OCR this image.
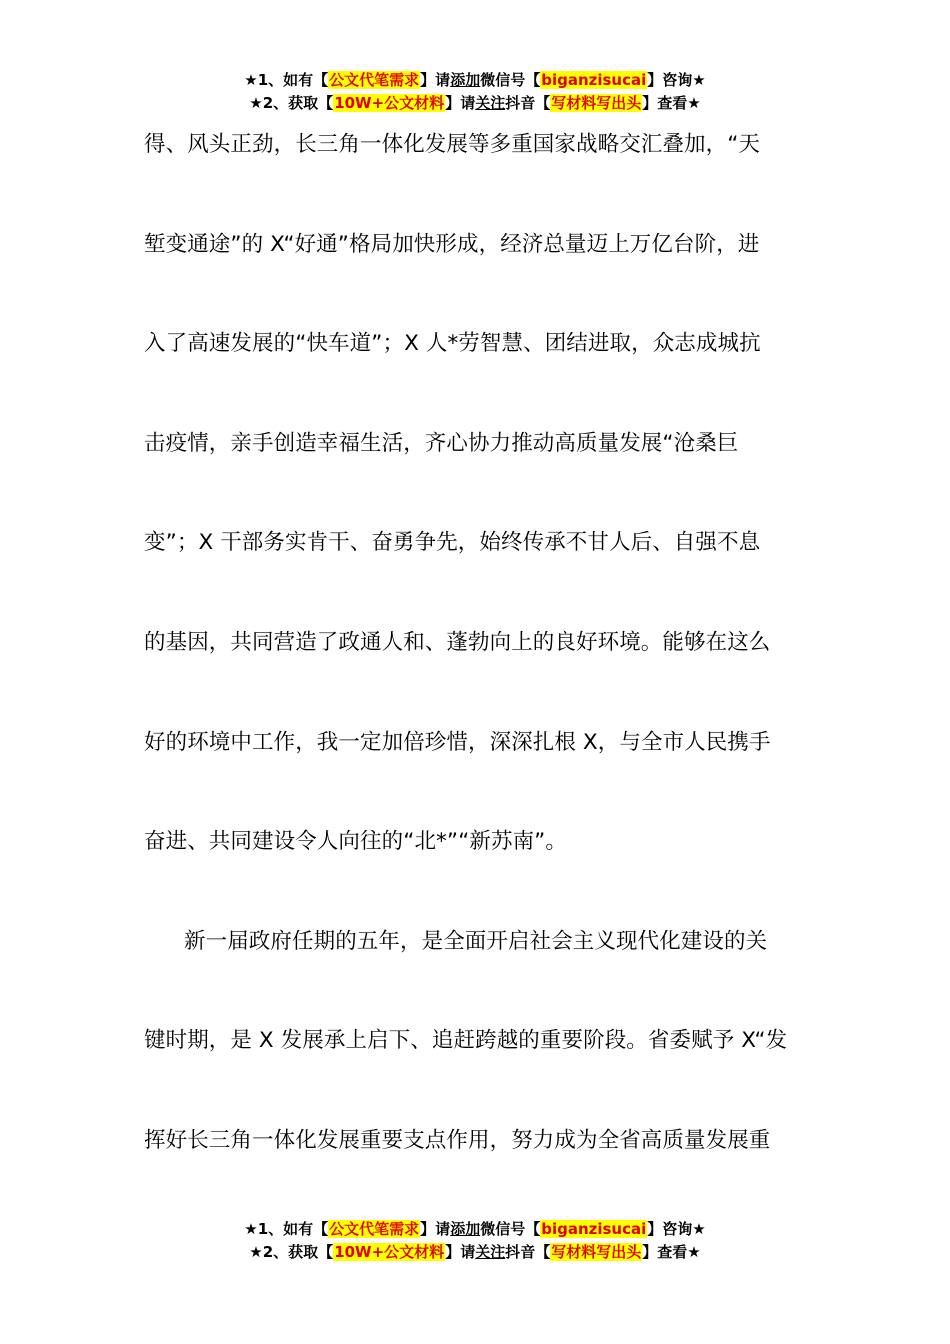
★1、如有【公文代笔需求】请添加微信号【biganzisucai】咨询★
★2、获取【10W+公文材料】请关注抖音【写材料写出头】查看★
得、风头正劲，长三角一体化发展等多重国家战略交汇叠加，“天
堑变通途”的 X“好通”格局加快形成，经济总量迈上万亿台阶，进
入了高速发展的“快车道”；X 人*劳智慧、团结进取，众志成城抗
击疫情，亲手创造幸福生活，齐心协力推动高质量发展“沧桑巨
变”；X 干部务实肯干、奋勇争先，始终传承不甘人后、自强不息
的基因，共同营造了政通人和、蓬勃向上的良好环境。能够在这么
好的环境中工作，我一定加倍珍惜，深深扎根 X，与全市人民携手
奋进、共同建设令人向往的“北*”“新苏南”。
新一届政府任期的五年，是全面开启社会主义现代化建设的关
键时期，是 X 发展承上启下、追赶跨越的重要阶段。省委赋予 X“发
挥好长三角一体化发展重要支点作用，努力成为全省高质量发展重
★1、如有【公文代笔需求】请添加微信号【biganzisucai】咨询★
★2、获取【10W+公文材料】请关注抖音【写材料写出头】查看★
